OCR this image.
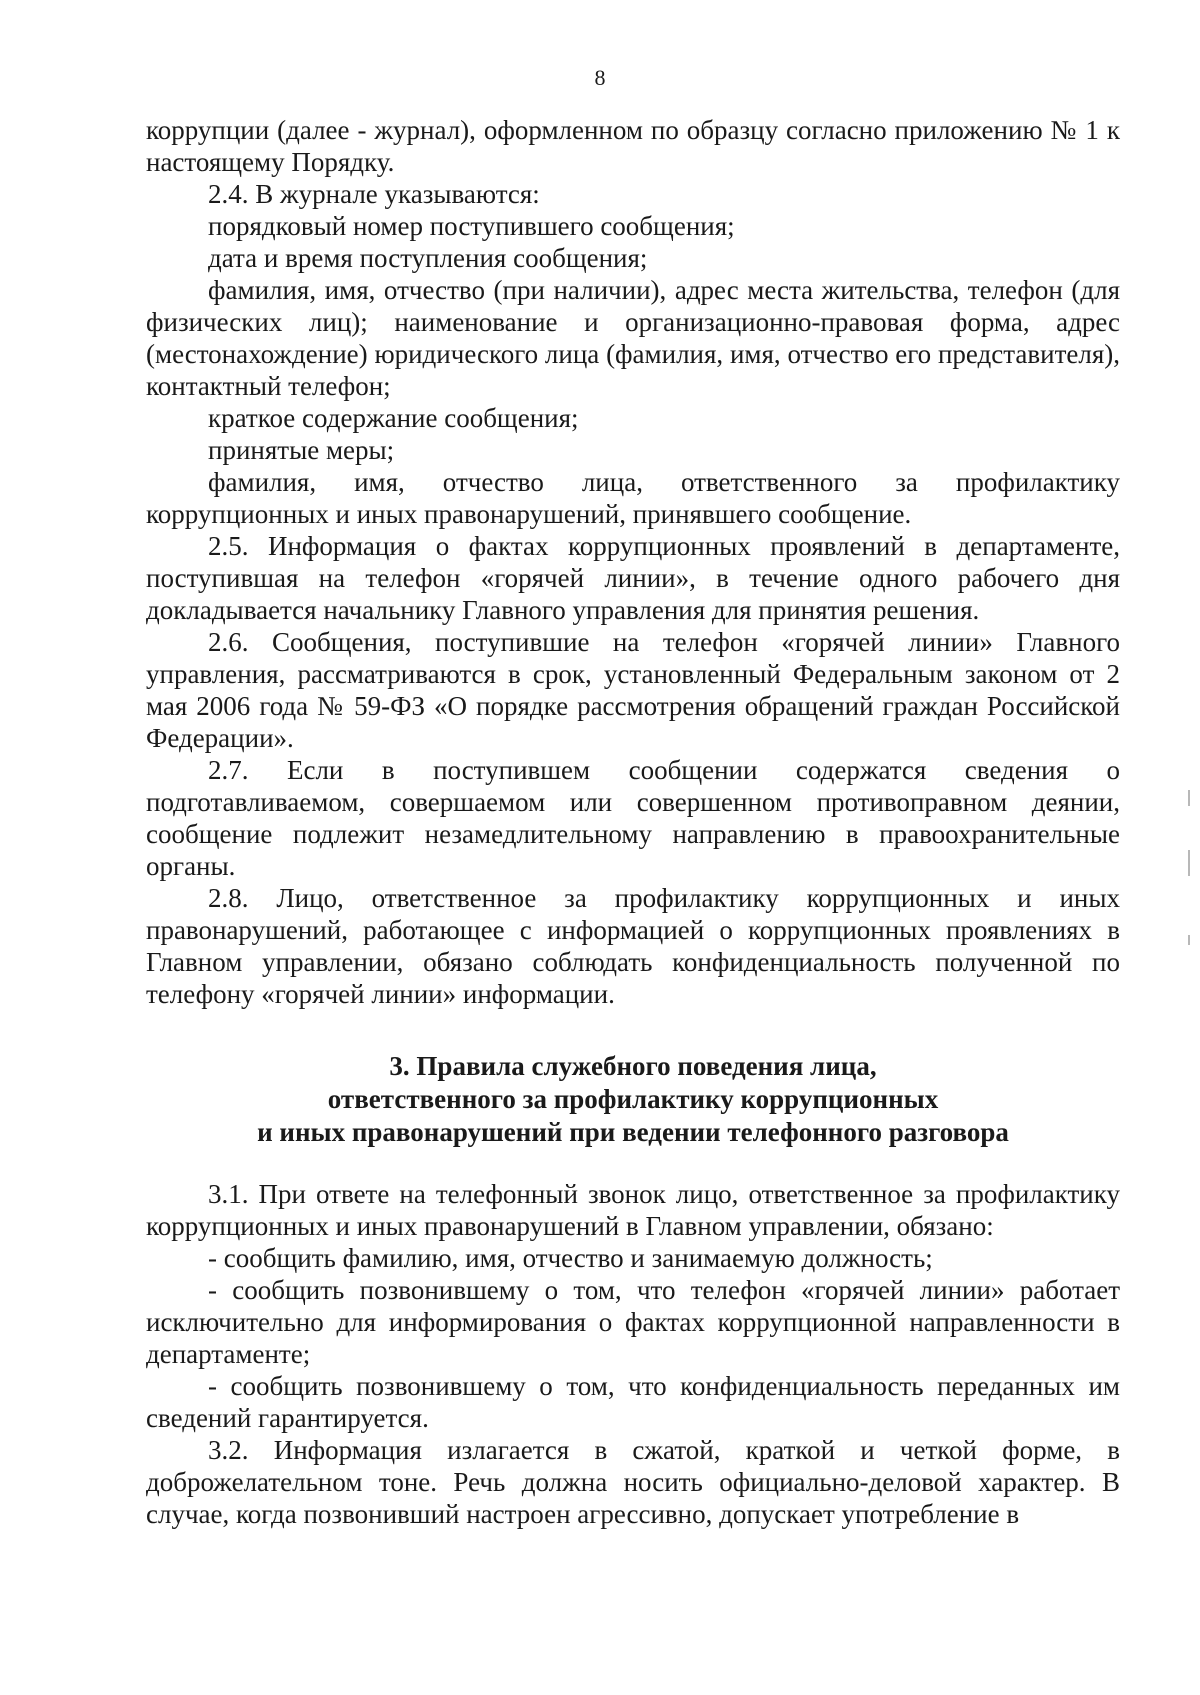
8

коррупции (далее - журнал), оформленном по образцу согласно приложению № 1 к настоящему Порядку.

2.4. В журнале указываются:

порядковый номер поступившего сообщения;

дата и время поступления сообщения;

фамилия, имя, отчество (при наличии), адрес места жительства, телефон (для физических лиц); наименование и организационно-правовая форма, адрес (местонахождение) юридического лица (фамилия, имя, отчество его представителя), контактный телефон;

краткое содержание сообщения;

принятые меры;

фамилия, имя, отчество лица, ответственного за профилактику коррупционных и иных правонарушений, принявшего сообщение.

2.5. Информация о фактах коррупционных проявлений в департаменте, поступившая на телефон «горячей линии», в течение одного рабочего дня докладывается начальнику Главного управления для принятия решения.

2.6. Сообщения, поступившие на телефон «горячей линии» Главного управления, рассматриваются в срок, установленный Федеральным законом от 2 мая 2006 года № 59-ФЗ «О порядке рассмотрения обращений граждан Российской Федерации».

2.7. Если в поступившем сообщении содержатся сведения о подготавливаемом, совершаемом или совершенном противоправном деянии, сообщение подлежит незамедлительному направлению в правоохранительные органы.

2.8. Лицо, ответственное за профилактику коррупционных и иных правонарушений, работающее с информацией о коррупционных проявлениях в Главном управлении, обязано соблюдать конфиденциальность полученной по телефону «горячей линии» информации.

3. Правила служебного поведения лица,
ответственного за профилактику коррупционных
и иных правонарушений при ведении телефонного разговора

3.1. При ответе на телефонный звонок лицо, ответственное за профилактику коррупционных и иных правонарушений в Главном управлении, обязано:

- сообщить фамилию, имя, отчество и занимаемую должность;

- сообщить позвонившему о том, что телефон «горячей линии» работает исключительно для информирования о фактах коррупционной направленности в департаменте;

- сообщить позвонившему о том, что конфиденциальность переданных им сведений гарантируется.

3.2. Информация излагается в сжатой, краткой и четкой форме, в доброжелательном тоне. Речь должна носить официально-деловой характер. В случае, когда позвонивший настроен агрессивно, допускает употребление в
